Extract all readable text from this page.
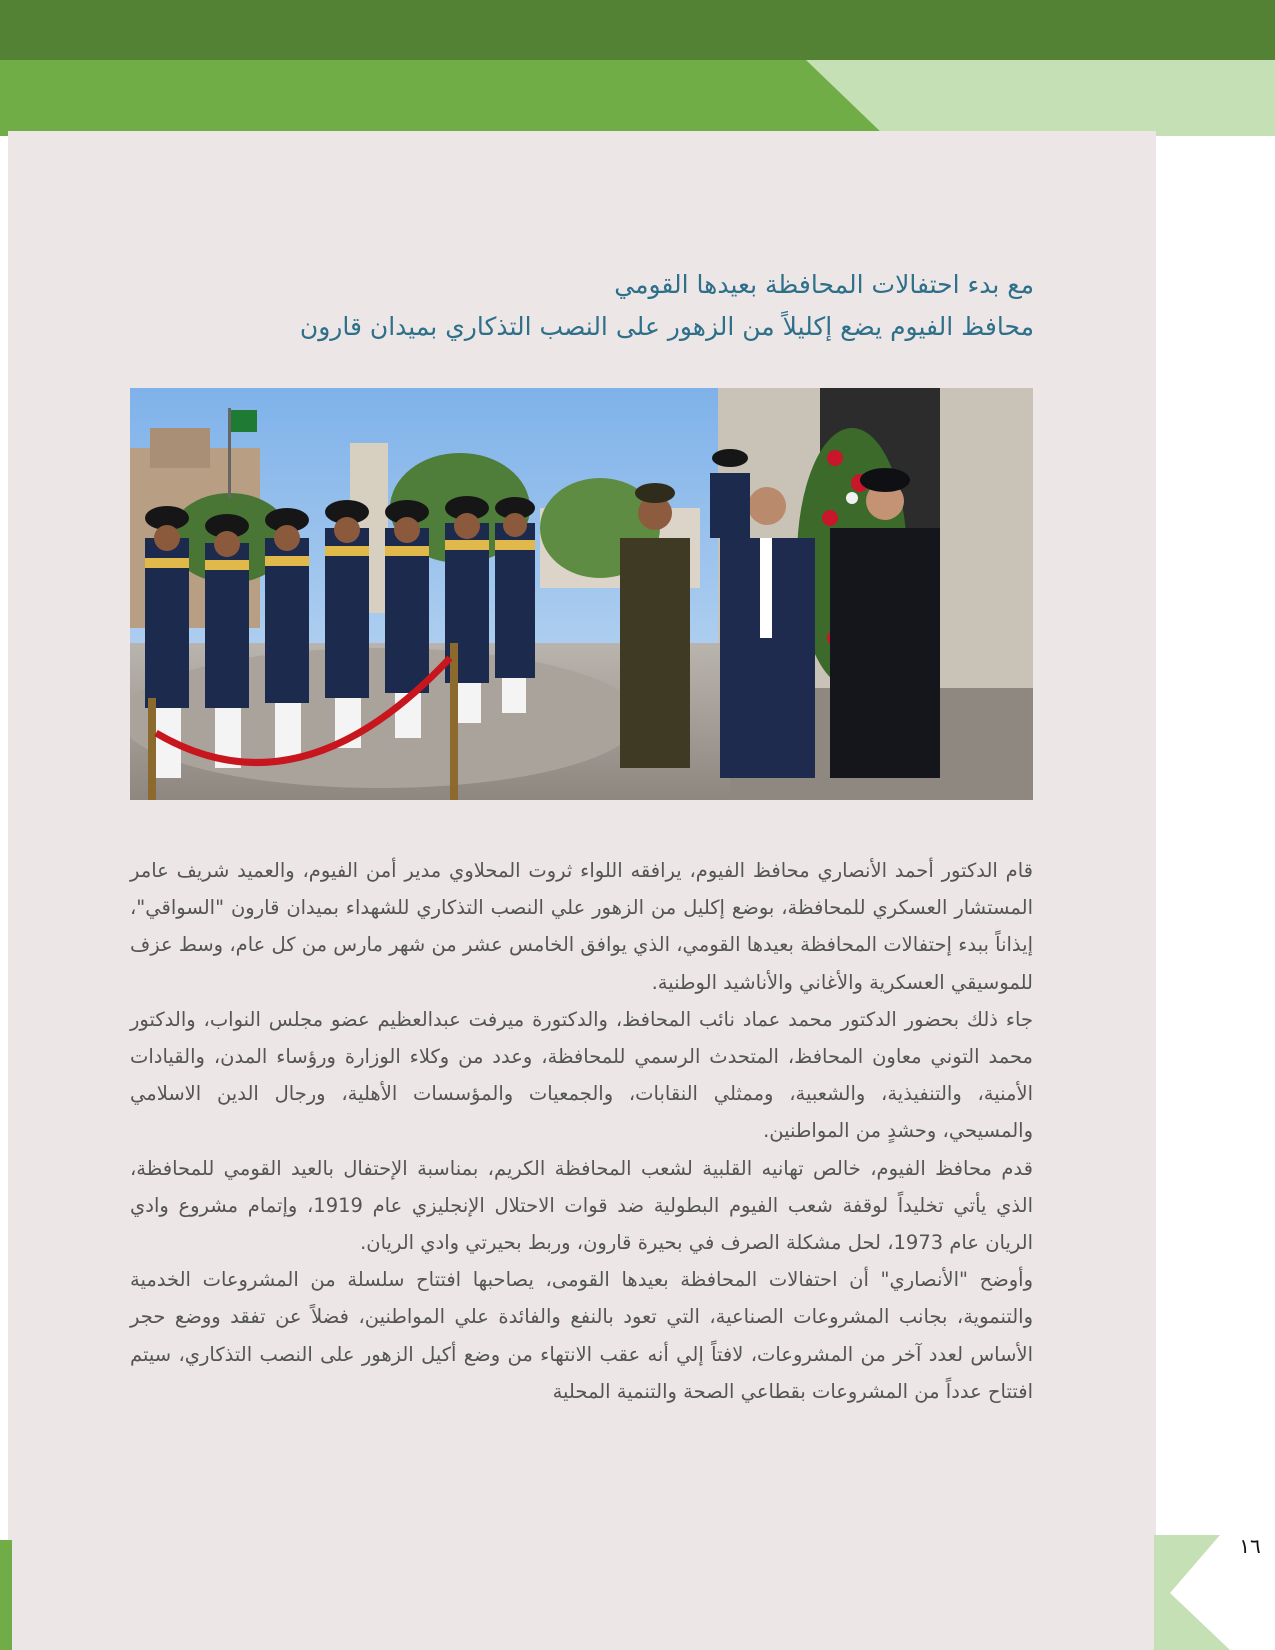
مع بدء احتفالات المحافظة بعيدها القومي
محافظ الفيوم يضع إكليلاً من الزهور على النصب التذكاري بميدان قارون

قام الدكتور أحمد الأنصاري محافظ الفيوم، يرافقه اللواء ثروت المحلاوي مدير أمن الفيوم، والعميد شريف عامر المستشار العسكري للمحافظة، بوضع إكليل من الزهور علي النصب التذكاري للشهداء بميدان قارون "السواقي"، إيذاناً ببدء إحتفالات المحافظة بعيدها القومي، الذي يوافق الخامس عشر من شهر مارس من كل عام، وسط عزف للموسيقي العسكرية والأغاني والأناشيد الوطنية.

جاء ذلك بحضور الدكتور محمد عماد نائب المحافظ، والدكتورة ميرفت عبدالعظيم عضو مجلس النواب، والدكتور محمد التوني معاون المحافظ، المتحدث الرسمي للمحافظة، وعدد من وكلاء الوزارة ورؤساء المدن، والقيادات الأمنية، والتنفيذية، والشعبية، وممثلي النقابات، والجمعيات والمؤسسات الأهلية، ورجال الدين الاسلامي والمسيحي، وحشدٍ من المواطنين.

قدم محافظ الفيوم، خالص تهانيه القلبية لشعب المحافظة الكريم، بمناسبة الإحتفال بالعيد القومي للمحافظة، الذي يأتي تخليداً لوقفة شعب الفيوم البطولية ضد قوات الاحتلال الإنجليزي عام 1919، وإتمام مشروع وادي الريان عام 1973، لحل مشكلة الصرف في بحيرة قارون، وربط بحيرتي وادي الريان.

وأوضح "الأنصاري" أن احتفالات المحافظة بعيدها القومى، يصاحبها افتتاح سلسلة من المشروعات الخدمية والتنموية، بجانب المشروعات الصناعية، التي تعود بالنفع والفائدة علي المواطنين، فضلاً عن تفقد ووضع حجر الأساس لعدد آخر من المشروعات، لافتاً إلي أنه عقب الانتهاء من وضع أكيل الزهور على النصب التذكاري، سيتم افتتاح عدداً من المشروعات بقطاعي الصحة والتنمية المحلية

١٦
